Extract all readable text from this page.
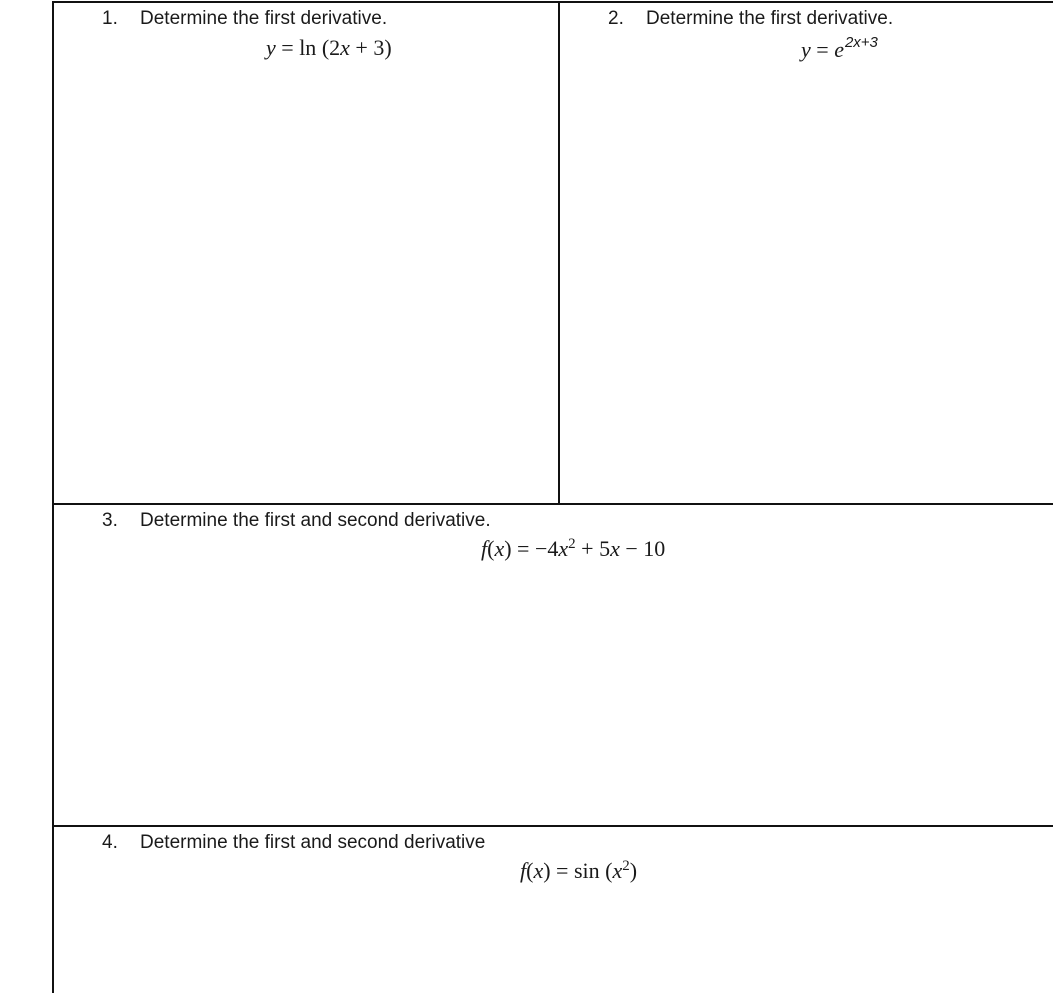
1. Determine the first derivative.
y = ln (2x + 3)
2. Determine the first derivative.
$y = e^{2x+3}$
3. Determine the first and second derivative.
$f(x) = -4x^2 + 5x - 10$
4. Determine the first and second derivative
$f(x) = \sin (x^2)$
